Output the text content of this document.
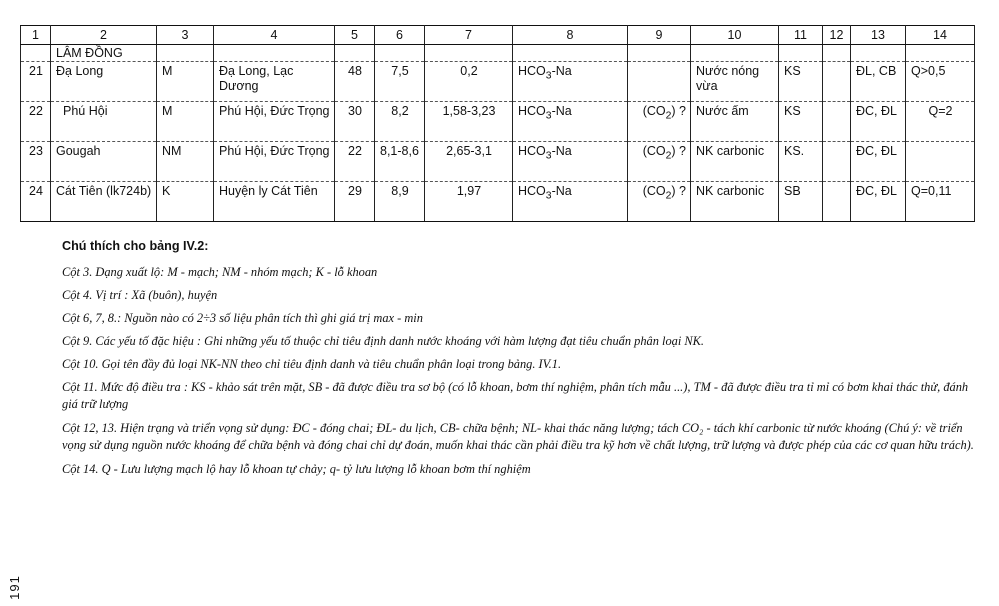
1	2	3	4	5	6	7	8	9	10	11	12	13	14
	LÂM ĐỒNG												
21	Đạ Long	M	Đạ Long, Lạc Dương	48	7,5	0,2	$HCO_3-Na$		Nước nóng vừa	KS		ĐL, CB	Q>0,5
22	Phú Hội	M	Phú Hội, Đức Trọng	30	8,2	1,58-3,23	$HCO_3-Na$	$(CO_2)$ ?	Nước ấm	KS		ĐC, ĐL	Q=2
23	Gougah	NM	Phú Hội, Đức Trọng	22	8,1-8,6	2,65-3,1	$HCO_3-Na$	$(CO_2)$ ?	NK carbonic	KS.		ĐC, ĐL	
24	Cát Tiên (lk724b)	K	Huyện ly Cát Tiên	29	8,9	1,97	$HCO_3-Na$	$(CO_2)$ ?	NK carbonic	SB		ĐC, ĐL	Q=0,11

Chú thích cho bảng IV.2:

Cột 3. Dạng xuất lộ: M - mạch; NM - nhóm mạch; K - lỗ khoan

Cột 4. Vị trí : Xã (buôn), huyện

Cột 6, 7, 8.: Nguồn nào có 2÷3 số liệu phân tích thì ghi giá trị max - min

Cột 9. Các yếu tố đặc hiệu : Ghi những yếu tố thuộc chỉ tiêu định danh nước khoáng với hàm lượng đạt tiêu chuẩn phân loại NK.

Cột 10. Gọi tên đầy đủ loại NK-NN theo chỉ tiêu định danh và tiêu chuẩn phân loại trong bảng. IV.1.

Cột 11. Mức độ điều tra : KS - khảo sát trên mặt, SB - đã được điều tra sơ bộ (có lỗ khoan, bơm thí nghiệm, phân tích mẫu ...), TM - đã được điều tra tỉ mỉ có bơm khai thác thử, đánh giá trữ lượng

Cột 12, 13. Hiện trạng và triển vọng sử dụng: ĐC - đóng chai; ĐL- du lịch, CB- chữa bệnh; NL- khai thác năng lượng; tách CO₂ - tách khí carbonic từ nước khoáng (Chú ý: về triển vọng sử dụng nguồn nước khoáng để chữa bệnh và đóng chai chỉ dự đoán, muốn khai thác cần phải điều tra kỹ hơn về chất lượng, trữ lượng và được phép của các cơ quan hữu trách).

Cột 14. Q - Lưu lượng mạch lộ hay lỗ khoan tự chảy; q- tỷ lưu lượng lỗ khoan bơm thí nghiệm

191
